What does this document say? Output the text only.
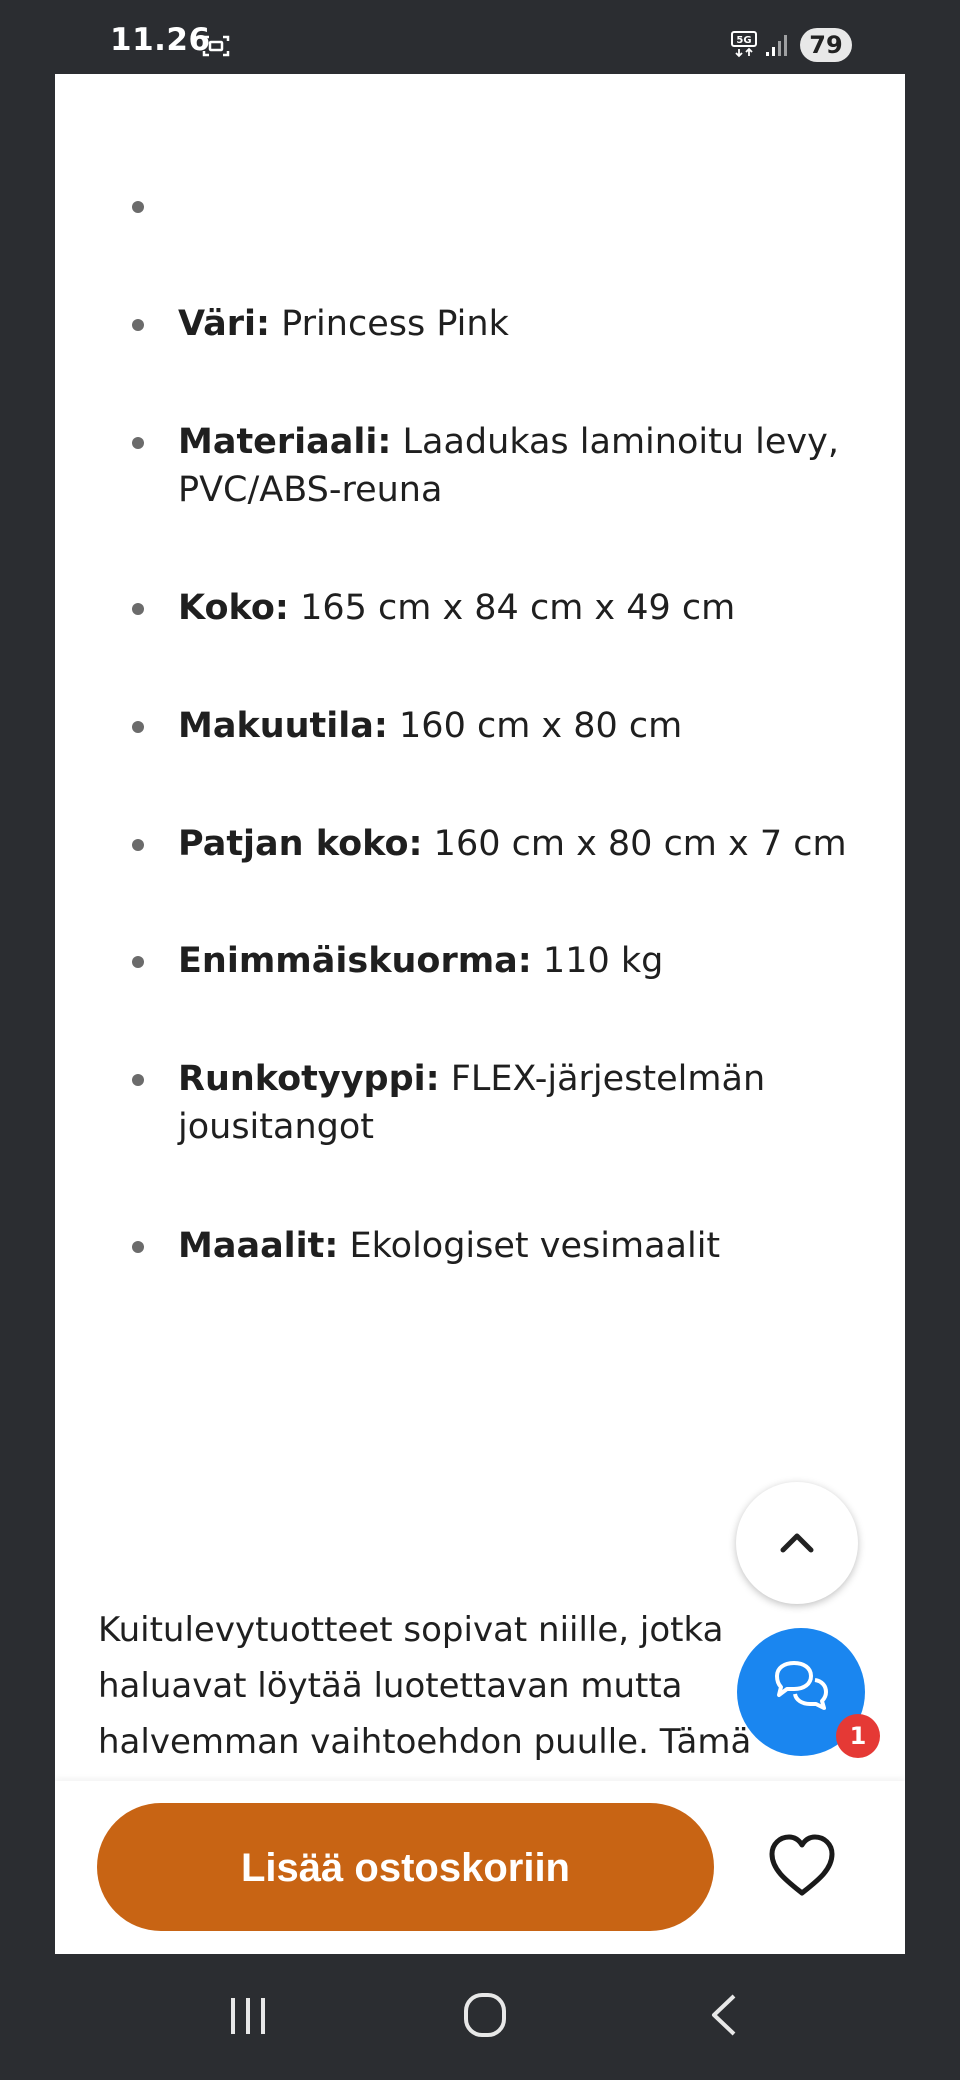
11.26	5G	79
Väri: Princess Pink
Materiaali: Laadukas laminoitu levy, PVC/ABS-reuna
Koko: 165 cm x 84 cm x 49 cm
Makuutila: 160 cm x 80 cm
Patjan koko: 160 cm x 80 cm x 7 cm
Enimmäiskuorma: 110 kg
Runkotyyppi: FLEX-järjestelmän jousitangot
Maaalit: Ekologiset vesimaalit

Kuitulevytuotteet sopivat niille, jotka haluavat löytää luotettavan mutta halvemman vaihtoehdon puulle. Tämä	1
Lisää ostoskoriin
